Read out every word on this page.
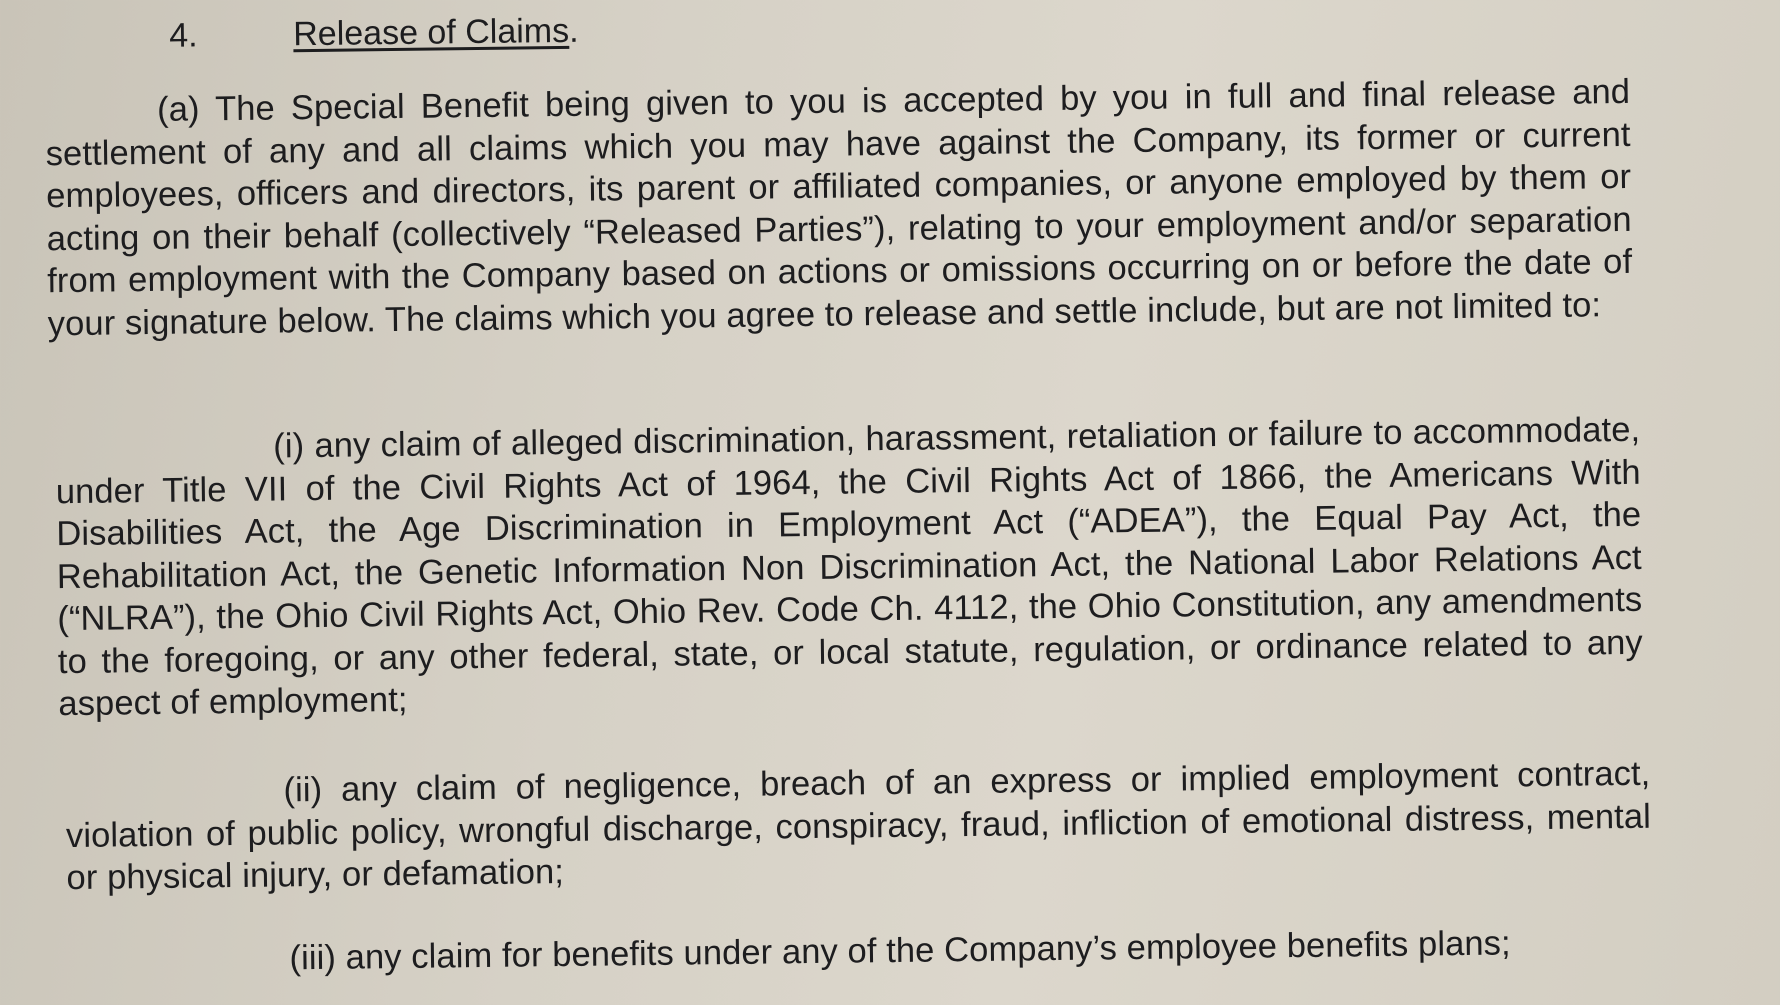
4.	Release of Claims .
(a) The Special Benefit being given to you is accepted by you in full and final release and settlement of any and all claims which you may have against the Company, its former or current employees, officers and directors, its parent or affiliated companies, or anyone employed by them or acting on their behalf (collectively “Released Parties”), relating to your employment and/or separation from employment with the Company based on actions or omissions occurring on or before the date of your signature below. The claims which you agree to release and settle include, but are not limited to:
(i) any claim of alleged discrimination, harassment, retaliation or failure to accommodate, under Title VII of the Civil Rights Act of 1964, the Civil Rights Act of 1866, the Americans With Disabilities Act, the Age Discrimination in Employment Act (“ADEA”), the Equal Pay Act, the Rehabilitation Act, the Genetic Information Non Discrimination Act, the National Labor Relations Act (“NLRA”), the Ohio Civil Rights Act, Ohio Rev. Code Ch. 4112, the Ohio Constitution, any amendments to the foregoing, or any other federal, state, or local statute, regulation, or ordinance related to any aspect of employment;
(ii) any claim of negligence, breach of an express or implied employment contract, violation of public policy, wrongful discharge, conspiracy, fraud, infliction of emotional distress, mental or physical injury, or defamation;
(iii) any claim for benefits under any of the Company’s employee benefits plans;
